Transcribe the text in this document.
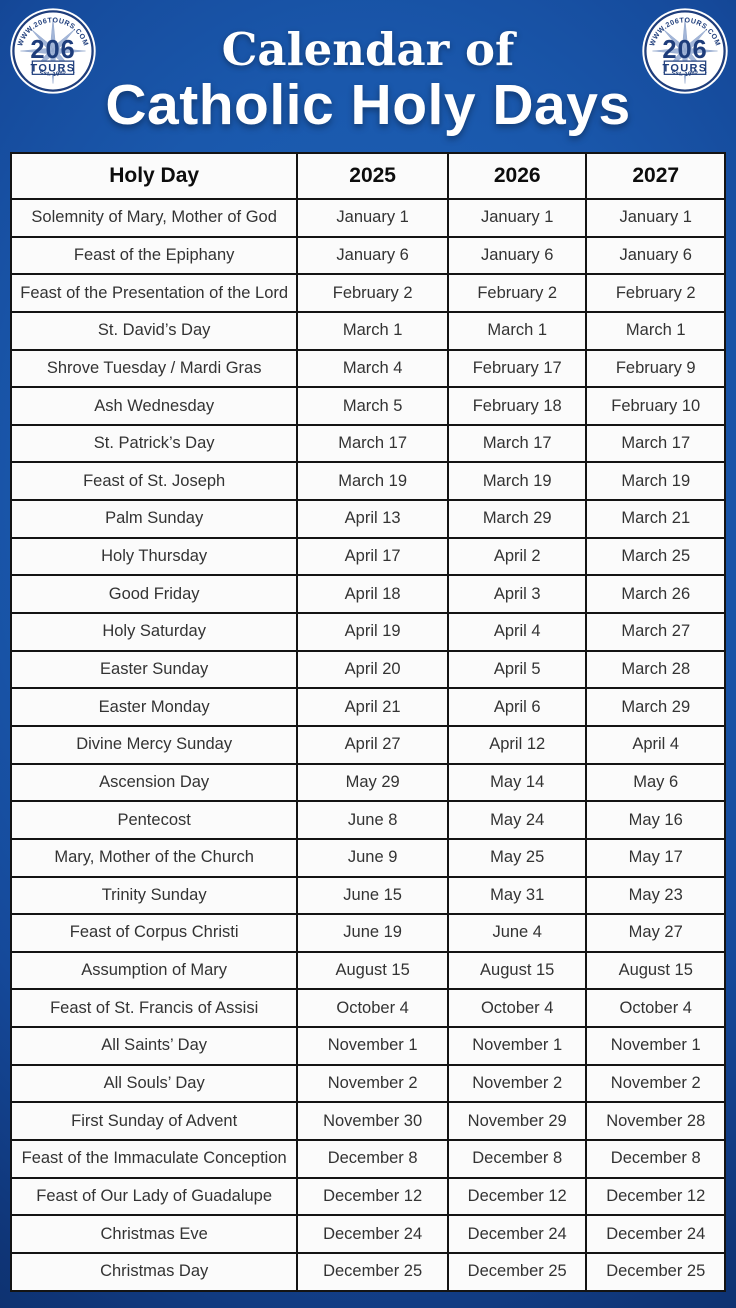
Calendar of
Catholic Holy Days
Holy Day	2025	2026	2027
Solemnity of Mary, Mother of God	January 1	January 1	January 1
Feast of the Epiphany	January 6	January 6	January 6
Feast of the Presentation of the Lord	February 2	February 2	February 2
St. David’s Day	March 1	March 1	March 1
Shrove Tuesday / Mardi Gras	March 4	February 17	February 9
Ash Wednesday	March 5	February 18	February 10
St. Patrick’s Day	March 17	March 17	March 17
Feast of St. Joseph	March 19	March 19	March 19
Palm Sunday	April 13	March 29	March 21
Holy Thursday	April 17	April 2	March 25
Good Friday	April 18	April 3	March 26
Holy Saturday	April 19	April 4	March 27
Easter Sunday	April 20	April 5	March 28
Easter Monday	April 21	April 6	March 29
Divine Mercy Sunday	April 27	April 12	April 4
Ascension Day	May 29	May 14	May 6
Pentecost	June 8	May 24	May 16
Mary, Mother of the Church	June 9	May 25	May 17
Trinity Sunday	June 15	May 31	May 23
Feast of Corpus Christi	June 19	June 4	May 27
Assumption of Mary	August 15	August 15	August 15
Feast of St. Francis of Assisi	October 4	October 4	October 4
All Saints’ Day	November 1	November 1	November 1
All Souls’ Day	November 2	November 2	November 2
First Sunday of Advent	November 30	November 29	November 28
Feast of the Immaculate Conception	December 8	December 8	December 8
Feast of Our Lady of Guadalupe	December 12	December 12	December 12
Christmas Eve	December 24	December 24	December 24
Christmas Day	December 25	December 25	December 25
